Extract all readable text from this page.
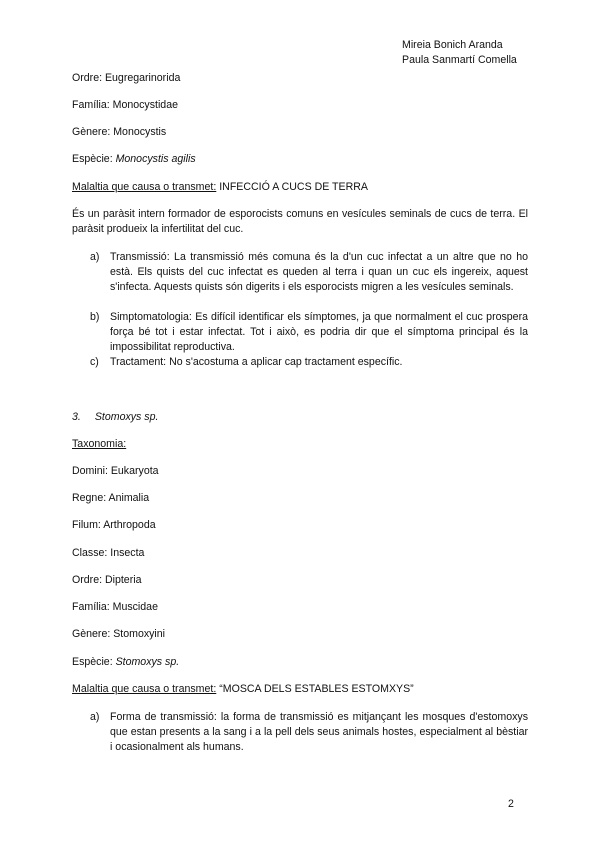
Mireia Bonich Aranda
Paula Sanmartí Comella
Ordre: Eugregarinorida
Família: Monocystidae
Gènere: Monocystis
Espècie: Monocystis agilis
Malaltia que causa o transmet: INFECCIÓ A CUCS DE TERRA
És un paràsit intern formador de esporocists comuns en vesícules seminals de cucs de terra. El paràsit produeix la infertilitat del cuc.
a) Transmissió: La transmissió més comuna és la d'un cuc infectat a un altre que no ho està. Els quists del cuc infectat es queden al terra i quan un cuc els ingereix, aquest s'infecta. Aquests quists són digerits i els esporocists migren a les vesícules seminals.
b) Simptomatologia: Es difícil identificar els símptomes, ja que normalment el cuc prospera força bé tot i estar infectat. Tot i això, es podria dir que el símptoma principal és la impossibilitat reproductiva.
c) Tractament: No s'acostuma a aplicar cap tractament específic.
3. Stomoxys sp.
Taxonomia:
Domini: Eukaryota
Regne: Animalia
Filum: Arthropoda
Classe: Insecta
Ordre: Dipteria
Família: Muscidae
Gènere: Stomoxyini
Espècie: Stomoxys sp.
Malaltia que causa o transmet: “MOSCA DELS ESTABLES ESTOMXYS”
a) Forma de transmissió: la forma de transmissió es mitjançant les mosques d'estomoxys que estan presents a la sang i a la pell dels seus animals hostes, especialment al bèstiar i ocasionalment als humans.
2
